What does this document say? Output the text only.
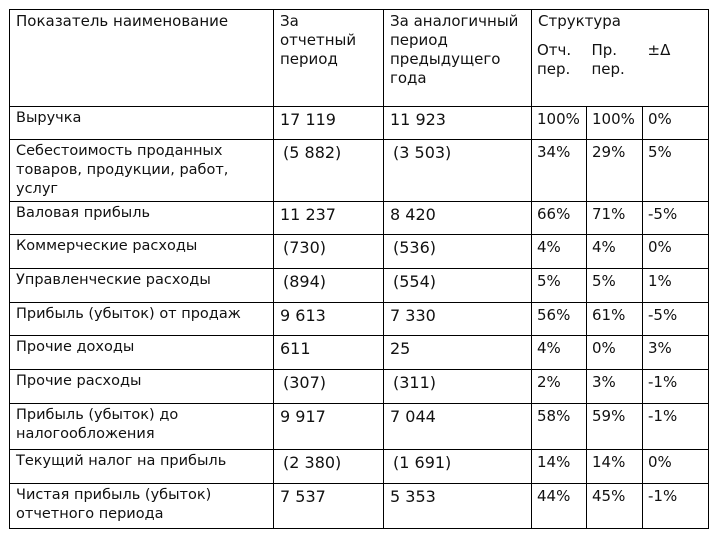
Показатель наименование	За отчетный период	За аналогичный период предыдущего года	Структура		
			Отч. пер.	Пр. пер.	±Δ
Выручка	17 119	11 923	100%	100%	0%
Себестоимость проданных товаров, продукции, работ, услуг	(5 882)	(3 503)	34%	29%	5%
Валовая прибыль	11 237	8 420	66%	71%	-5%
Коммерческие расходы	(730)	(536)	4%	4%	0%
Управленческие расходы	(894)	(554)	5%	5%	1%
Прибыль (убыток) от продаж	9 613	7 330	56%	61%	-5%
Прочие доходы	611	25	4%	0%	3%
Прочие расходы	(307)	(311)	2%	3%	-1%
Прибыль (убыток) до налогообложения	9 917	7 044	58%	59%	-1%
Текущий налог на прибыль	(2 380)	(1 691)	14%	14%	0%
Чистая прибыль (убыток) отчетного периода	7 537	5 353	44%	45%	-1%
